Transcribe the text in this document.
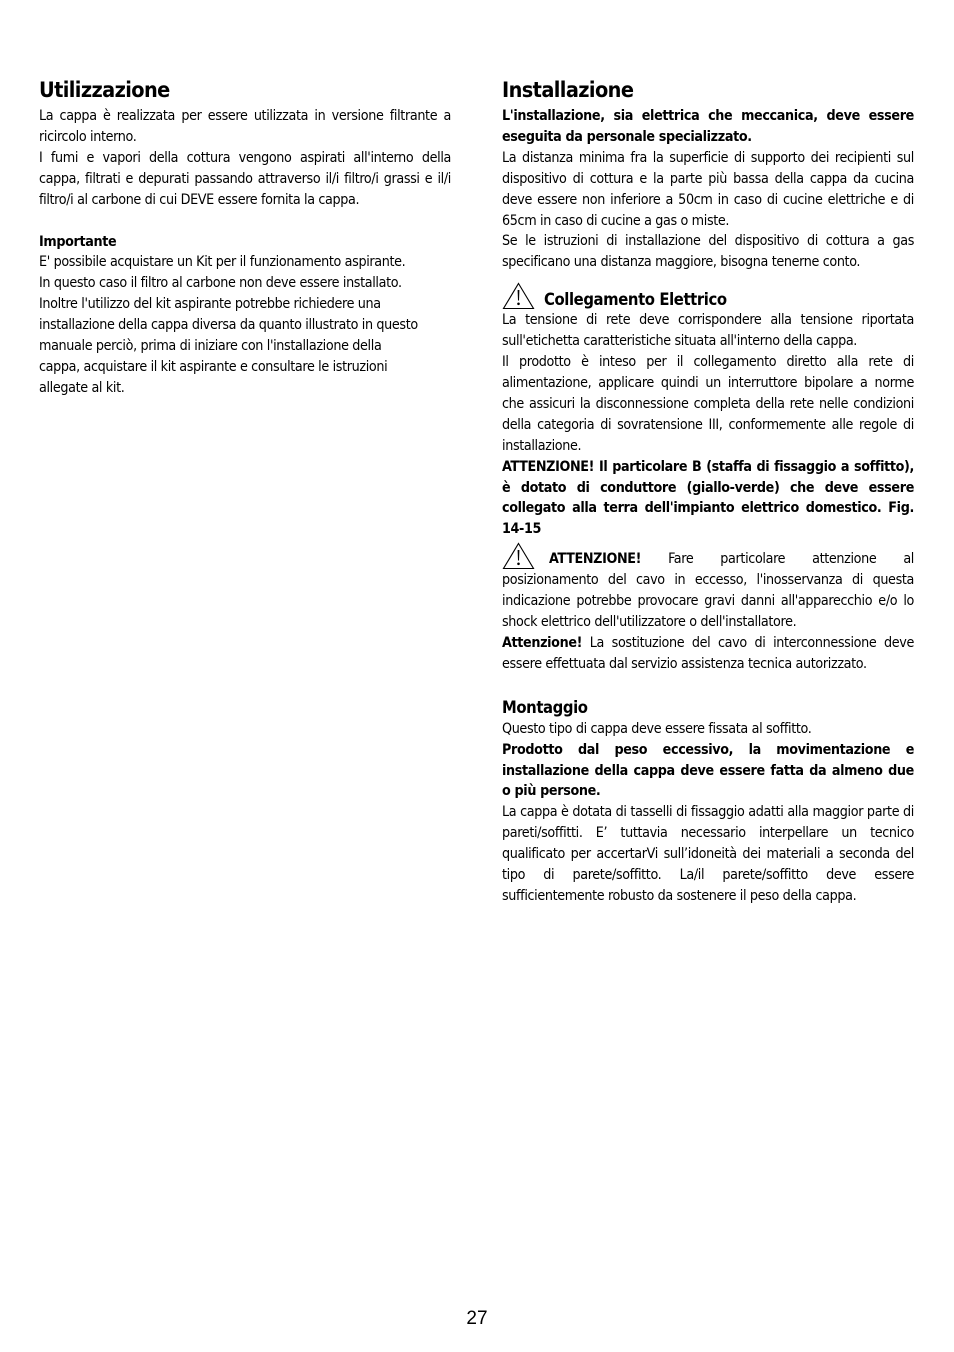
Utilizzazione

La cappa è realizzata per essere utilizzata in versione filtrante a ricircolo interno.

I fumi e vapori della cottura vengono aspirati all'interno della cappa, filtrati e depurati passando attraverso il/i filtro/i grassi e il/i filtro/i al carbone di cui DEVE essere fornita la cappa.

Importante
E' possibile acquistare un Kit per il funzionamento aspirante.
In questo caso il filtro al carbone non deve essere installato.
Inoltre l'utilizzo del kit aspirante potrebbe richiedere una
installazione della cappa diversa da quanto illustrato in questo
manuale perciò, prima di iniziare con l'installazione della
cappa, acquistare il kit aspirante e consultare le istruzioni
allegate al kit.
Installazione

L'installazione, sia elettrica che meccanica, deve essere eseguita da personale specializzato.

La distanza minima fra la superficie di supporto dei recipienti sul dispositivo di cottura e la parte più bassa della cappa da cucina deve essere non inferiore a 50cm in caso di cucine elettriche e di 65cm in caso di cucine a gas o miste.

Se le istruzioni di installazione del dispositivo di cottura a gas specificano una distanza maggiore, bisogna tenerne conto.

Collegamento Elettrico

La tensione di rete deve corrispondere alla tensione riportata sull'etichetta caratteristiche situata all'interno della cappa.

Il prodotto è inteso per il collegamento diretto alla rete di alimentazione, applicare quindi un interruttore bipolare a norme che assicuri la disconnessione completa della rete nelle condizioni della categoria di sovratensione III, conformemente alle regole di installazione.

ATTENZIONE! Il particolare B (staffa di fissaggio a soffitto), è dotato di conduttore (giallo-verde) che deve essere collegato alla terra dell'impianto elettrico domestico. Fig. 14-15

ATTENZIONE! Fare particolare attenzione al posizionamento del cavo in eccesso, l'inosservanza di questa indicazione potrebbe provocare gravi danni all'apparecchio e/o lo shock elettrico dell'utilizzatore o dell'installatore.

Attenzione! La sostituzione del cavo di interconnessione deve essere effettuata dal servizio assistenza tecnica autorizzato.

Montaggio

Questo tipo di cappa deve essere fissata al soffitto.

Prodotto dal peso eccessivo, la movimentazione e installazione della cappa deve essere fatta da almeno due o più persone.

La cappa è dotata di tasselli di fissaggio adatti alla maggior parte di pareti/soffitti. E’ tuttavia necessario interpellare un tecnico qualificato per accertarVi sull’idoneità dei materiali a seconda del tipo di parete/soffitto. La/il parete/soffitto deve essere sufficientemente robusto da sostenere il peso della cappa.

27
